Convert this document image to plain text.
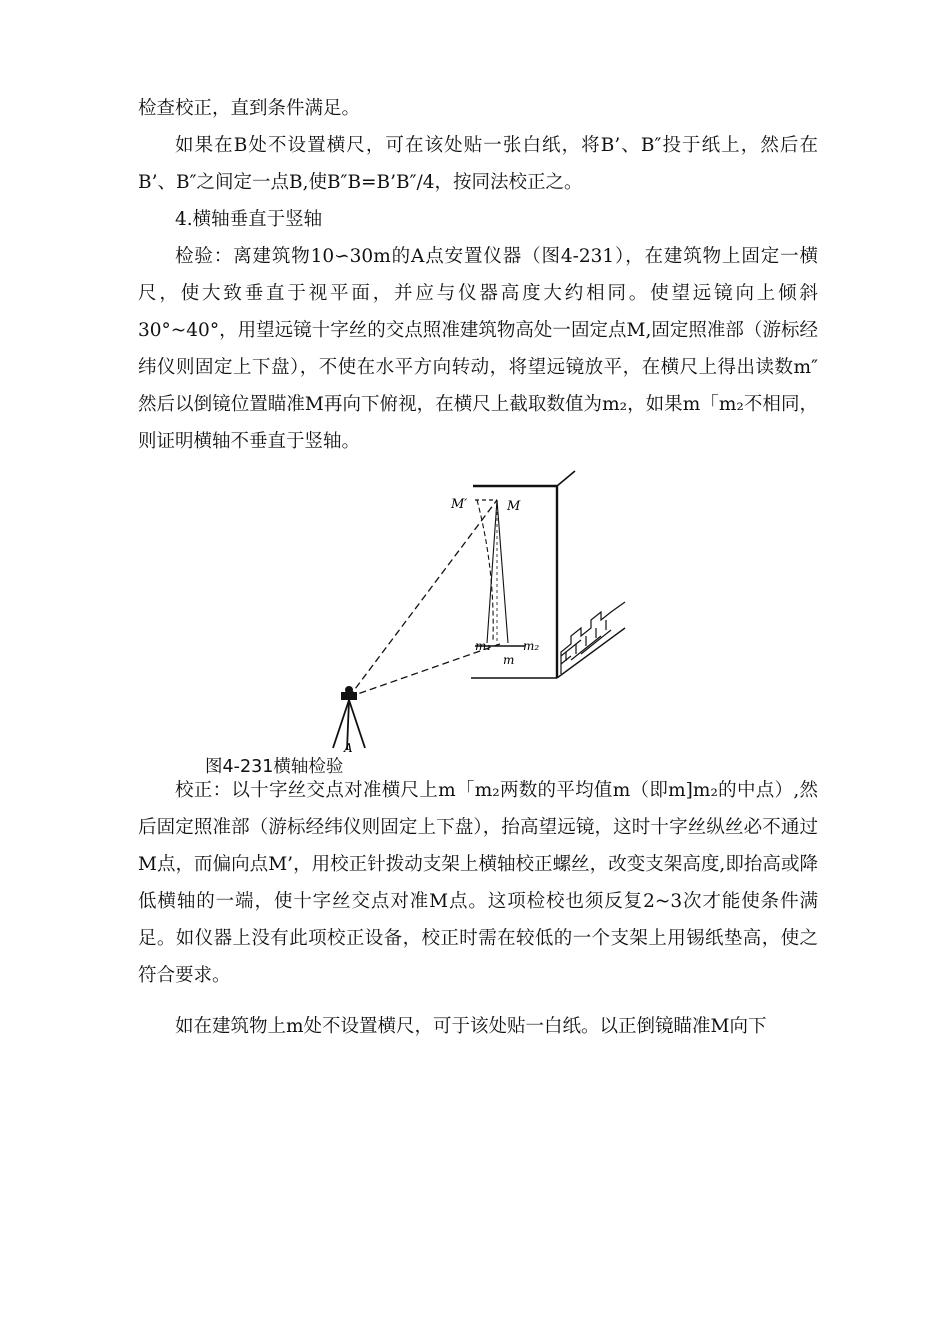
检查校正，直到条件满足。

如果在B处不设置横尺，可在该处贴一张白纸，将B’、B″投于纸上，然后在B’、B″之间定一点B,使B″B=B’B″/4，按同法校正之。

4.横轴垂直于竖轴

检验：离建筑物10∽30m的A点安置仪器（图4-231），在建筑物上固定一横尺，使大致垂直于视平面，并应与仪器高度大约相同。使望远镜向上倾斜30°~40°，用望远镜十字丝的交点照准建筑物高处一固定点M,固定照准部（游标经纬仪则固定上下盘），不使在水平方向转动，将望远镜放平，在横尺上得出读数m″然后以倒镜位置瞄准M再向下俯视，在横尺上截取数值为m₂，如果m「m₂不相同，则证明横轴不垂直于竖轴。

M′	M
m₁	m₂
m
A
图4-231横轴检验

校正：以十字丝交点对准横尺上m「m₂两数的平均值m（即m]m₂的中点）,然后固定照准部（游标经纬仪则固定上下盘），抬高望远镜，这时十字丝纵丝必不通过M点，而偏向点M’，用校正针拨动支架上横轴校正螺丝，改变支架高度,即抬高或降低横轴的一端，使十字丝交点对准M点。这项检校也须反复2~3次才能使条件满足。如仪器上没有此项校正设备，校正时需在较低的一个支架上用锡纸垫高，使之符合要求。

如在建筑物上m处不设置横尺，可于该处贴一白纸。以正倒镜瞄准M向下
